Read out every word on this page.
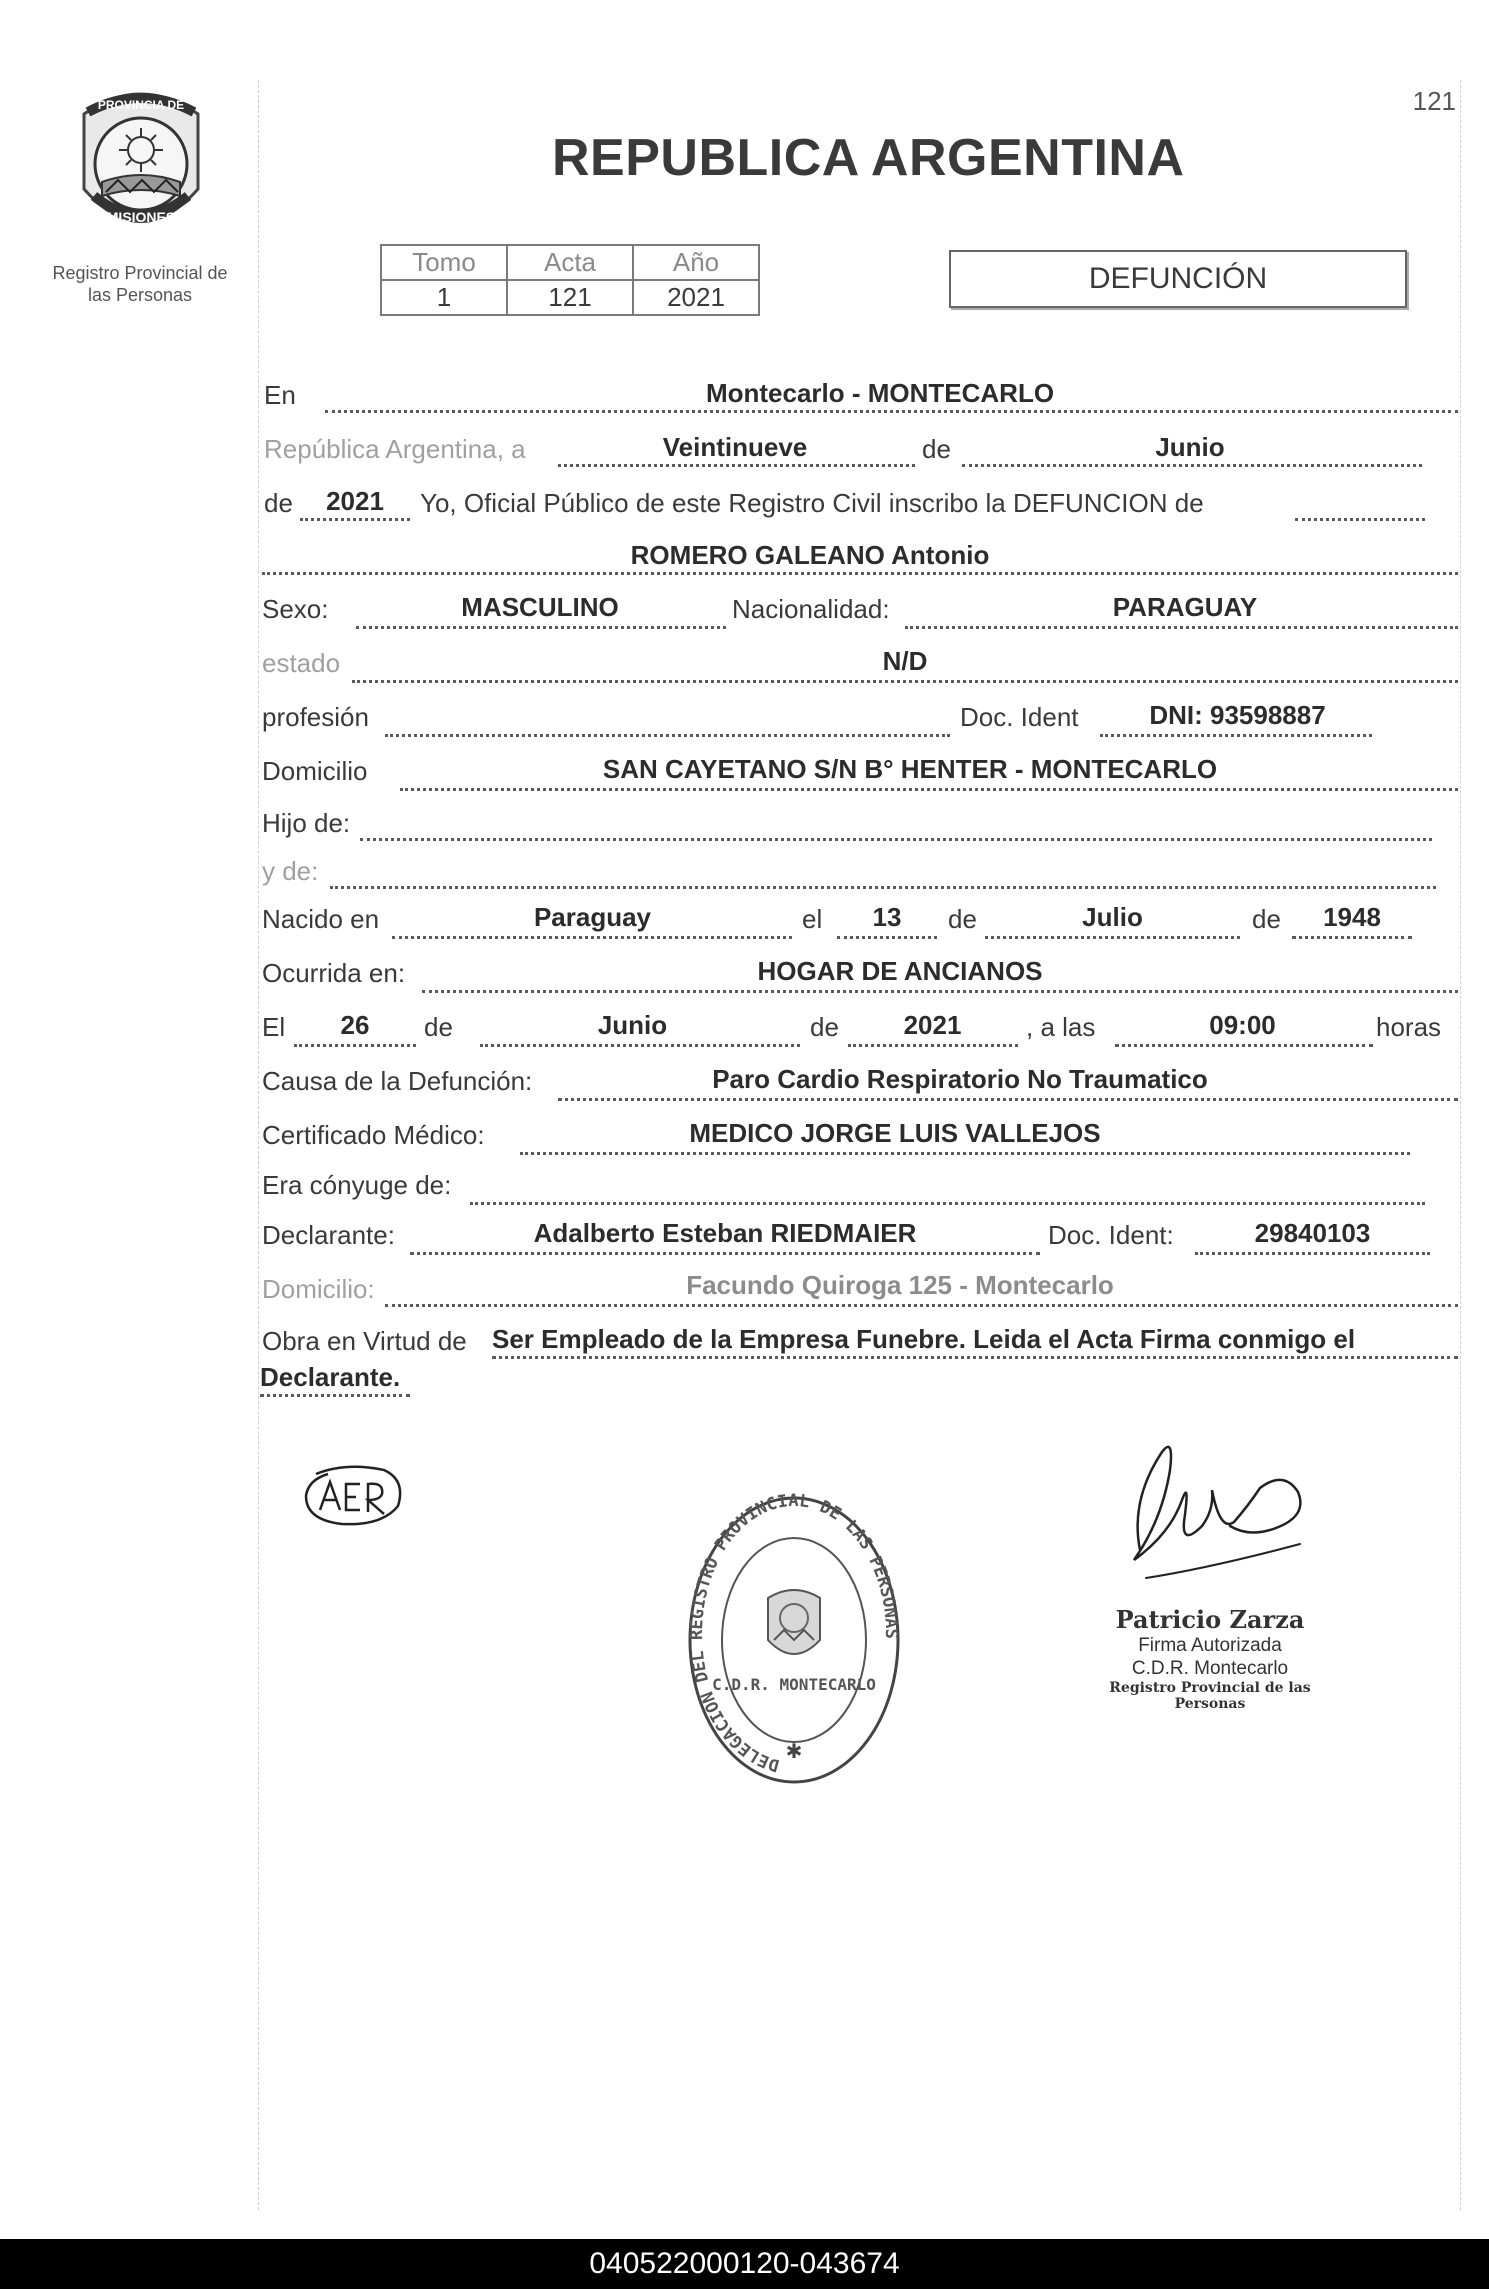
PROVINCIA DE
MISIONES
Registro Provincial de
las Personas
121
REPUBLICA ARGENTINA
Tomo	Acta	Año
1	121	2021
DEFUNCIÓN
En	Montecarlo - MONTECARLO
República Argentina, a	Veintinueve	de	Junio
de	2021	Yo, Oficial Público de este Registro Civil inscribo la DEFUNCION de
ROMERO GALEANO Antonio
Sexo:	MASCULINO	Nacionalidad:	PARAGUAY
estado	N/D
profesión	Doc. Ident	DNI: 93598887
Domicilio	SAN CAYETANO S/N B° HENTER - MONTECARLO
Hijo de:
y de:
Nacido en	Paraguay	el	13	de	Julio	de	1948
Ocurrida en:	HOGAR DE ANCIANOS
El	26	de	Junio	de	2021	, a las	09:00	horas
Causa de la Defunción:	Paro Cardio Respiratorio No Traumatico
Certificado Médico:	MEDICO JORGE LUIS VALLEJOS
Era cónyuge de:
Declarante:	Adalberto Esteban RIEDMAIER	Doc. Ident:	29840103
Domicilio:	Facundo Quiroga 125 - Montecarlo
Obra en Virtud de Ser Empleado de la Empresa Funebre. Leida el Acta Firma conmigo el
Declarante.
DELEGACION DEL REGISTRO PROVINCIAL DE LAS PERSONAS
C.D.R. MONTECARLO
✱
Patricio Zarza
Firma Autorizada
C.D.R. Montecarlo
Registro Provincial de las Personas
040522000120-043674
